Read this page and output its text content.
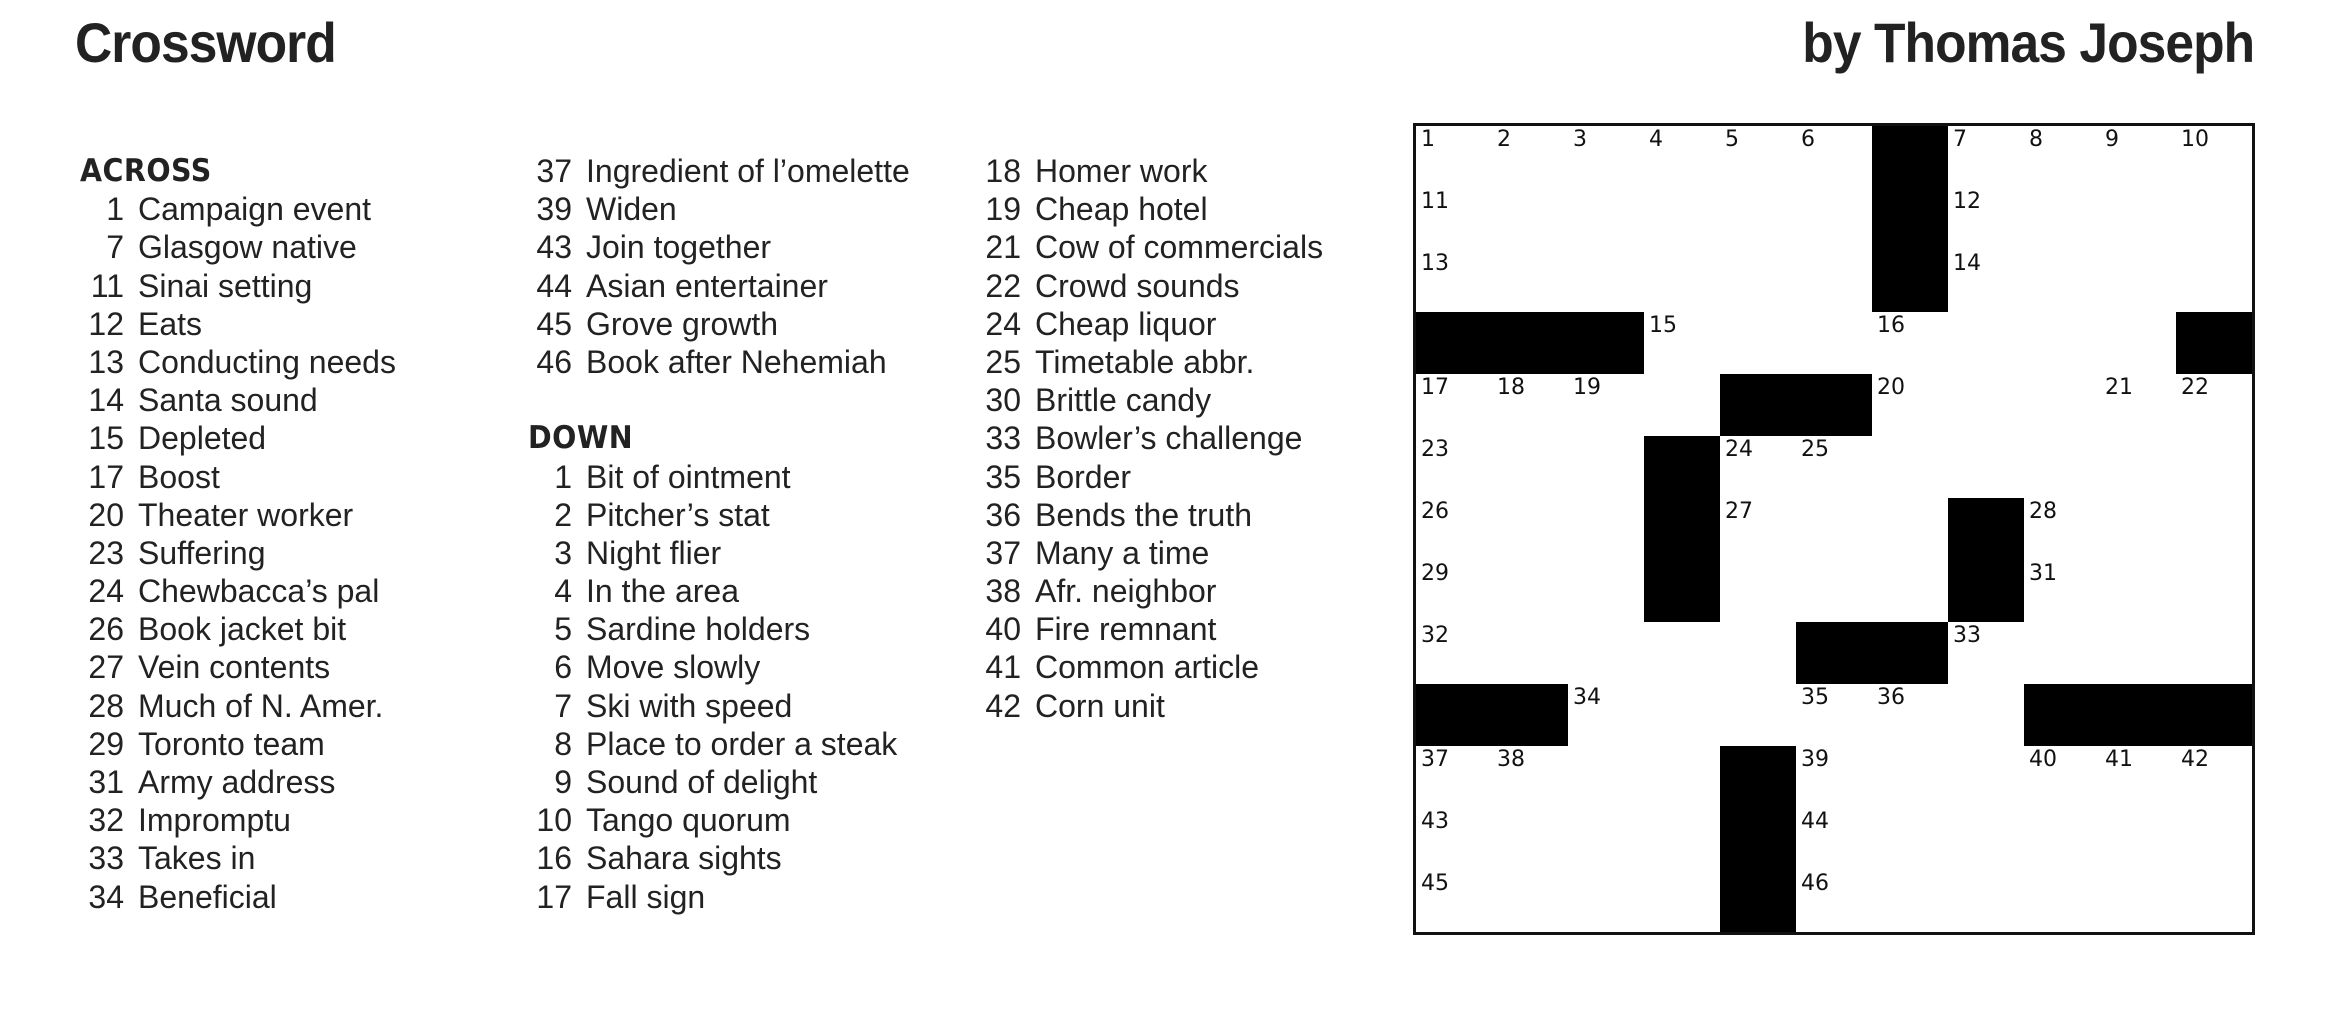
Crossword	by Thomas Joseph
ACROSS
1 Campaign event
7 Glasgow native
11 Sinai setting
12 Eats
13 Conducting needs
14 Santa sound
15 Depleted
17 Boost
20 Theater worker
23 Suffering
24 Chewbacca’s pal
26 Book jacket bit
27 Vein contents
28 Much of N. Amer.
29 Toronto team
31 Army address
32 Impromptu
33 Takes in
34 Beneficial
37 Ingredient of l’omelette
39 Widen
43 Join together
44 Asian entertainer
45 Grove growth
46 Book after Nehemiah
DOWN
1 Bit of ointment
2 Pitcher’s stat
3 Night flier
4 In the area
5 Sardine holders
6 Move slowly
7 Ski with speed
8 Place to order a steak
9 Sound of delight
10 Tango quorum
16 Sahara sights
17 Fall sign
18 Homer work
19 Cheap hotel
21 Cow of commercials
22 Crowd sounds
24 Cheap liquor
25 Timetable abbr.
30 Brittle candy
33 Bowler’s challenge
35 Border
36 Bends the truth
37 Many a time
38 Afr. neighbor
40 Fire remnant
41 Common article
42 Corn unit
1	2	3	4	5	6	7	8	9	10
11	12
13	14
15	16
17 18 19	20	21 22
23	24 25
26	27	28
29	31
32	33
34	35 36
37 38	39	40 41 42
43	44
45	46
